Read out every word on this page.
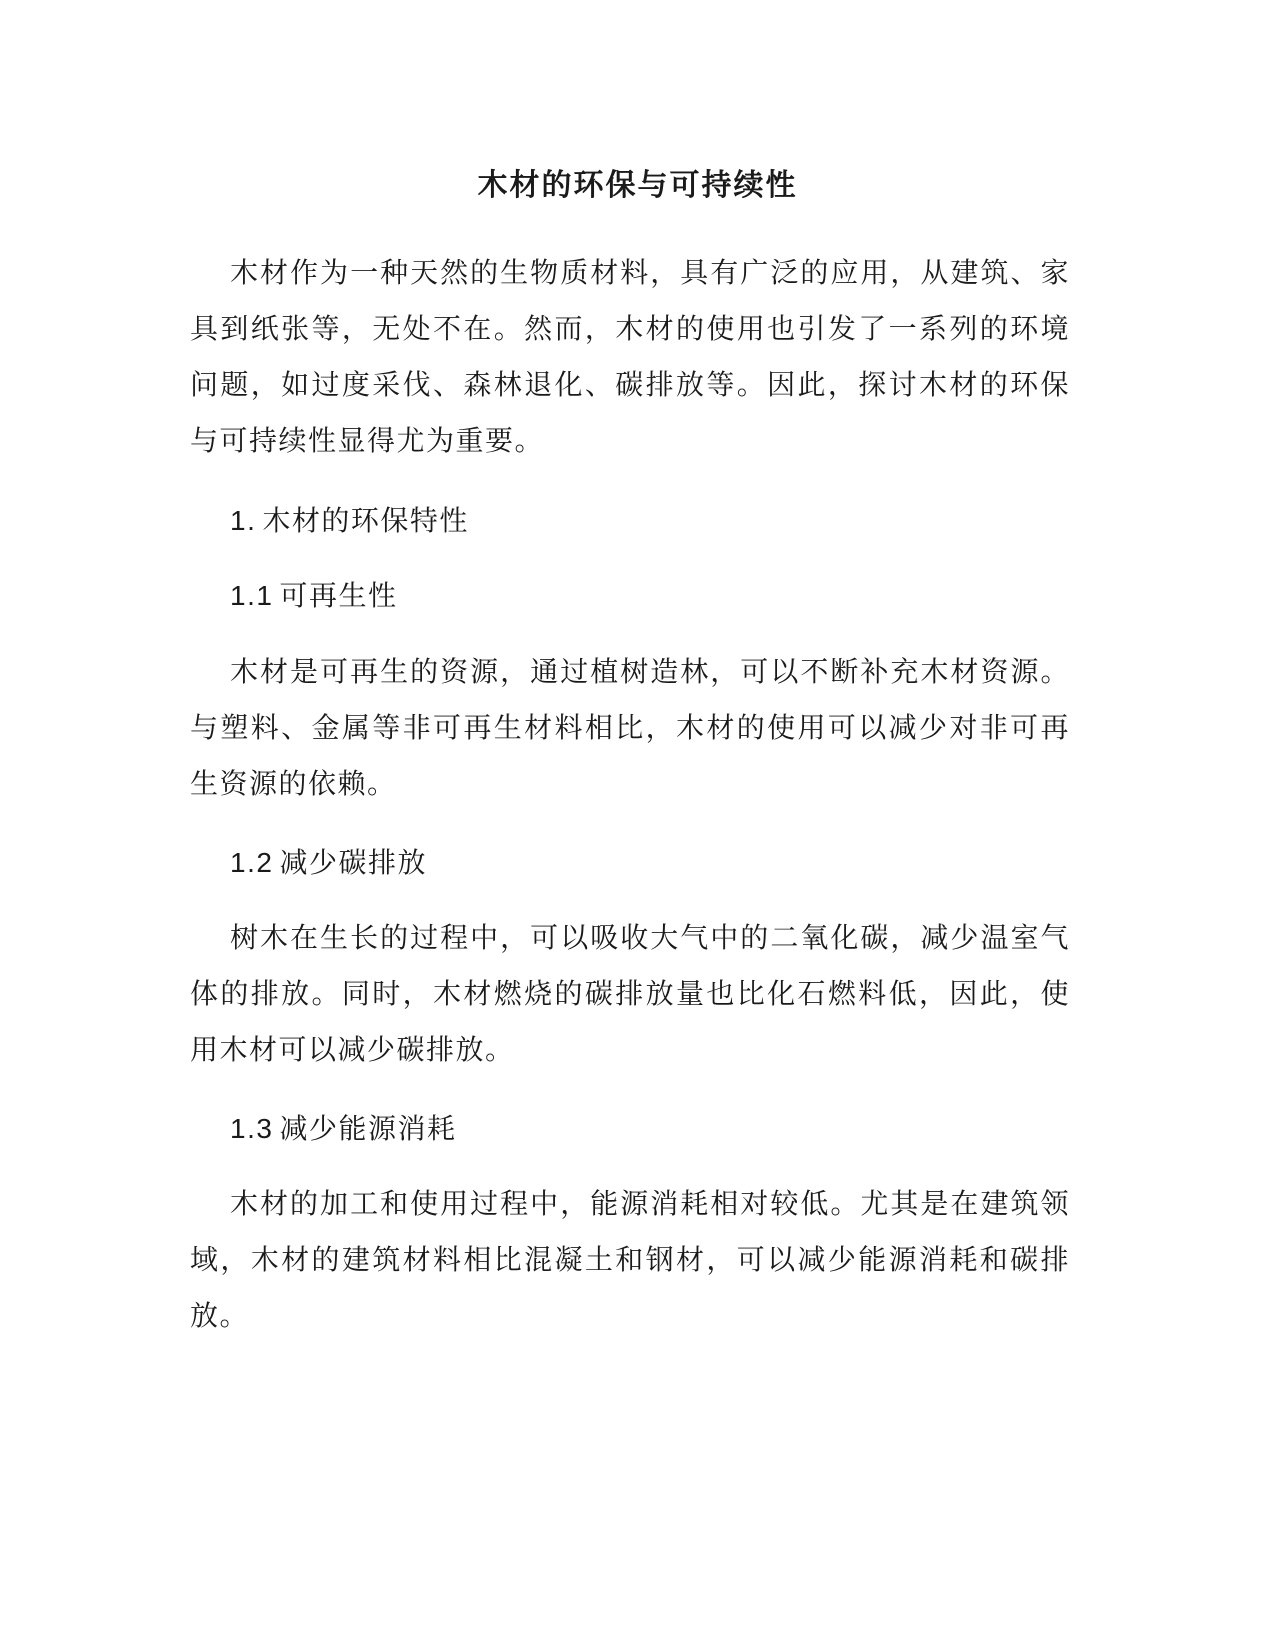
木材的环保与可持续性
木材作为一种天然的生物质材料，具有广泛的应用，从建筑、家具到纸张等，无处不在。然而，木材的使用也引发了一系列的环境问题，如过度采伐、森林退化、碳排放等。因此，探讨木材的环保与可持续性显得尤为重要。
1. 木材的环保特性
1.1 可再生性
木材是可再生的资源，通过植树造林，可以不断补充木材资源。与塑料、金属等非可再生材料相比，木材的使用可以减少对非可再生资源的依赖。
1.2 减少碳排放
树木在生长的过程中，可以吸收大气中的二氧化碳，减少温室气体的排放。同时，木材燃烧的碳排放量也比化石燃料低，因此，使用木材可以减少碳排放。
1.3 减少能源消耗
木材的加工和使用过程中，能源消耗相对较低。尤其是在建筑领域，木材的建筑材料相比混凝土和钢材，可以减少能源消耗和碳排放。
